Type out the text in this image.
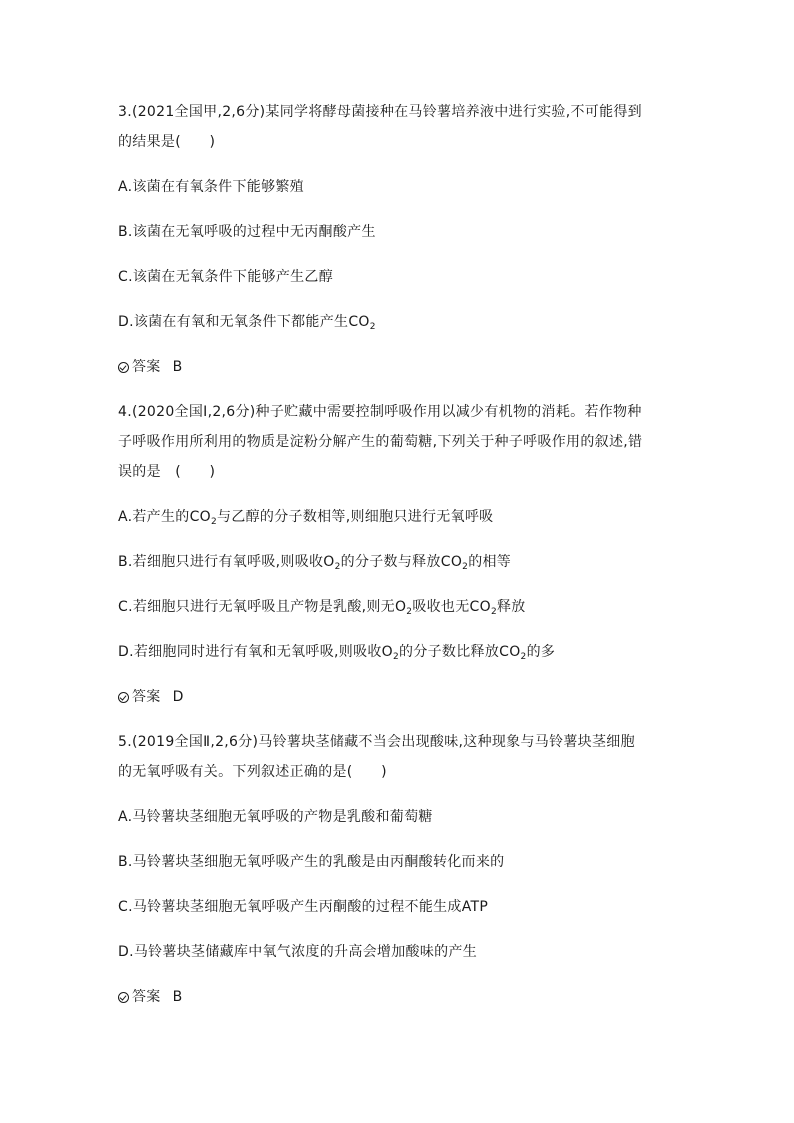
3.(2021全国甲,2,6分)某同学将酵母菌接种在马铃薯培养液中进行实验,不可能得到
的结果是(　　)
A.该菌在有氧条件下能够繁殖
B.该菌在无氧呼吸的过程中无丙酮酸产生
C.该菌在无氧条件下能够产生乙醇
D.该菌在有氧和无氧条件下都能产生$CO_2$
答案 B
4.(2020全国Ⅰ,2,6分)种子贮藏中需要控制呼吸作用以减少有机物的消耗。若作物种
子呼吸作用所利用的物质是淀粉分解产生的葡萄糖,下列关于种子呼吸作用的叙述,错
误的是　(　　)
A.若产生的$CO_2$与乙醇的分子数相等,则细胞只进行无氧呼吸
B.若细胞只进行有氧呼吸,则吸收$O_2$的分子数与释放$CO_2$的相等
C.若细胞只进行无氧呼吸且产物是乳酸,则无$O_2$吸收也无$CO_2$释放
D.若细胞同时进行有氧和无氧呼吸,则吸收$O_2$的分子数比释放$CO_2$的多
答案 D
5.(2019全国Ⅱ,2,6分)马铃薯块茎储藏不当会出现酸味,这种现象与马铃薯块茎细胞
的无氧呼吸有关。下列叙述正确的是(　　)
A.马铃薯块茎细胞无氧呼吸的产物是乳酸和葡萄糖
B.马铃薯块茎细胞无氧呼吸产生的乳酸是由丙酮酸转化而来的
C.马铃薯块茎细胞无氧呼吸产生丙酮酸的过程不能生成ATP
D.马铃薯块茎储藏库中氧气浓度的升高会增加酸味的产生
答案 B
